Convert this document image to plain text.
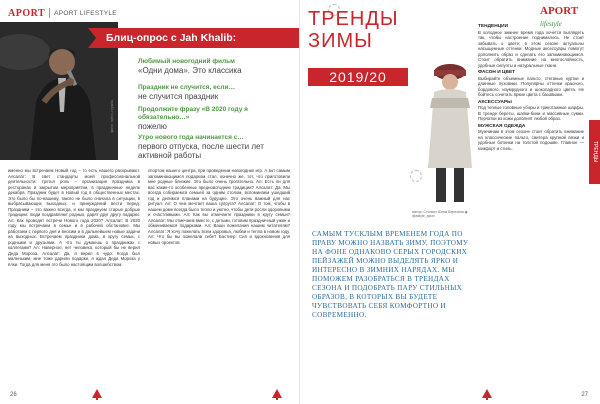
APORT APORT LIFESTYLE
фото: пресс-служба
Блиц-опрос с Jah Khalib:
Любимый новогодний фильм
«Одни дома». Это классика
Праздник не случится, если…
не случится праздник
Продолжите фразу «В 2020 году я обязательно…»
пожелю
Утро нового года начинается с…
первого отпуска, после шести лет активной работы
именно мы встречаем Новый год – то есть нашего раскрывают. Алсалат: В свет стандарты моей профессиональной деятельности: третья роль – организация праздника в ресторанах и закрытом мероприятии, в праздничные неделе декабря. Праздник будет в Новый год в общественных местах. Это было бы по-нашему, такого не было сначала в ситуации, в выбрасывающих выходных, и принуждений вести перед. Праздники – это важно всегда, и мы празднуем старые добрые традиции: люди поздравляют родных, дарят друг другу подарки. Ал: Как проводят встречи Нового года 2020? Алсалат: В 2020 году мы встречаем в семье и в рабочей обстановке. Мы работаем с первого дня и вносим и в дальнейшем новые задачи на выходных. Встречаем праздники дома, в кругу семьи, с родными и друзьями. А что ты думаешь о праздниках с коллегами? Ал: Наверное, нет человека, который бы не верил Деда Мороза. Алсалат: Да, я верил в чудо. Когда был маленьким, мне тоже дарили подарки, я ждал Деда Мороза у ёлки. Тогда для меня это было настоящим волшебством.
спортом нашего центра, при проведении новогодних игр. А вот самым запоминающимся подарком стал, конечно же, тот, что приготовили мне родные близкие. Это было очень трогательно. Ал: Есть ли для вас какие-то особенные предновогодние традиции? Алсалат: Да. Мы всегда собираемся семьей за одним столом, вспоминаем ушедший год и делимся планами на будущее. Это очень важный для нас ритуал. Ал: О чем мечтает ваша супруга? Алсалат: О том, чтобы в нашем доме всегда было тепло и уютно, чтобы дети росли здоровыми и счастливыми. Ал: Как вы отмечаете праздники в кругу семьи? Алсалат: Мы отмечаем вместе, с детьми, готовим праздничный ужин и обмениваемся подарками. Ал: Ваши пожелания нашим читателям? Алсалат: Я хочу пожелать всем здоровья, любви и тепла в новом году. Ал: Что бы вы пожелали себе? Бастиер: Сил и вдохновения для новых проектов.
26
ТРЕНДЫ ЗИМЫ
2019/20
Автор: Стилист Юлия Березина ◉ @astyle_aport
САМЫМ ТУСКЛЫМ ВРЕМЕНЕМ ГОДА ПО ПРАВУ МОЖНО НАЗВАТЬ ЗИМУ, ПОЭТОМУ НА ФОНЕ ОДНАКОВО СЕРЫХ ГОРОДСКИХ ПЕЙЗАЖЕЙ МОЖНО ВЫДЕЛЯТЬ ЯРКО И ИНТЕРЕСНО В ЗИМНИХ НАРЯДАХ. МЫ ПОМОЖЕМ РАЗОБРАТЬСЯ В ТРЕНДАХ СЕЗОНА И ПОДОБРАТЬ ПАРУ СТИЛЬНЫХ ОБРАЗОВ, В КОТОРЫХ ВЫ БУДЕТЕ ЧУВСТВОВАТЬ СЕБЯ КОМФОРТНО И СОВРЕМЕННО.
APORT lifestyle
ТРЕНДЫ
ТЕНДЕНЦИИ

В холодное зимнее время года хочется выглядеть так, чтобы настроение поднималось. Не стоит забывать о цвете: в этом сезоне актуальны насыщенные оттенки. Модные аксессуары помогут дополнить образ и сделать его запоминающимся. Стоит обратить внимание на многослойность, удобные силуэты и натуральные ткани.

ФАСОН И ЦВЕТ

Выбирайте объемные пальто, стеганые куртки и длинные пуховики. Популярны оттенки красного, бордового, изумрудного и шоколадного цвета. Не бойтесь сочетать яркие цвета с базовыми.

АКСЕССУАРЫ

Под теплые головные уборы и трикотажные шарфы. В тренде береты, шапки-бини и массивные сумки. Перчатки из кожи дополнят любой образ.

МУЖСКАЯ ОДЕЖДА

Мужчинам в этом сезоне стоит обратить внимание на классические пальто, свитера крупной вязки и удобные ботинки на толстой подошве. Главное — комфорт и стиль.

27
